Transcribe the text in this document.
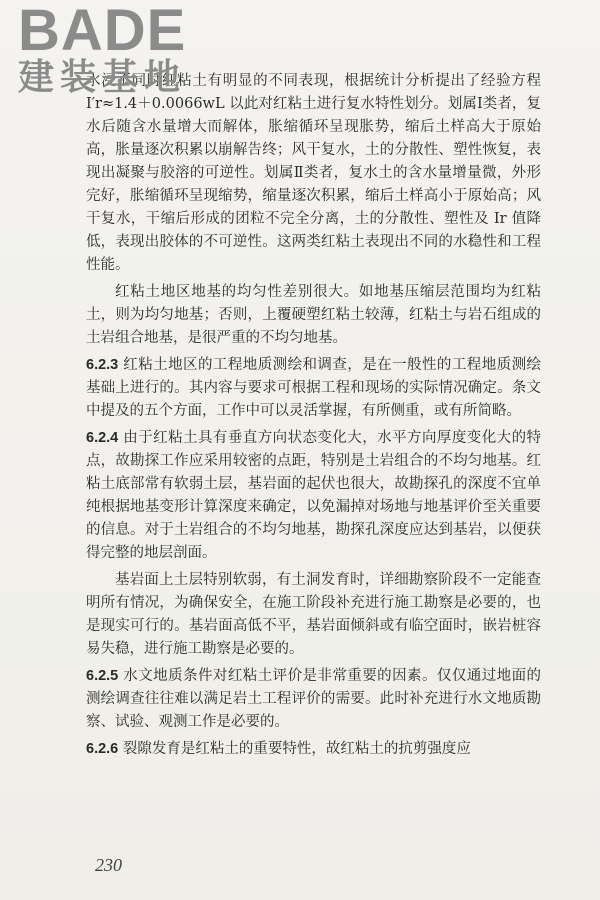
BADE
建装基地

水浸不同时红粘土有明显的不同表现，根据统计分析提出了经验方程 I′r≈1.4＋0.0066wL 以此对红粘土进行复水特性划分。划属Ⅰ类者，复水后随含水量增大而解体，胀缩循环呈现胀势，缩后土样高大于原始高，胀量逐次积累以崩解告终；风干复水，土的分散性、塑性恢复，表现出凝聚与胶溶的可逆性。划属Ⅱ类者，复水土的含水量增量微，外形完好，胀缩循环呈现缩势，缩量逐次积累，缩后土样高小于原始高；风干复水，干缩后形成的团粒不完全分离，土的分散性、塑性及 Ir 值降低，表现出胶体的不可逆性。这两类红粘土表现出不同的水稳性和工程性能。

红粘土地区地基的均匀性差别很大。如地基压缩层范围均为红粘土，则为均匀地基；否则，上覆硬塑红粘土较薄，红粘土与岩石组成的土岩组合地基，是很严重的不均匀地基。

6.2.3 红粘土地区的工程地质测绘和调查，是在一般性的工程地质测绘基础上进行的。其内容与要求可根据工程和现场的实际情况确定。条文中提及的五个方面，工作中可以灵活掌握，有所侧重，或有所简略。

6.2.4 由于红粘土具有垂直方向状态变化大，水平方向厚度变化大的特点，故勘探工作应采用较密的点距，特别是土岩组合的不均匀地基。红粘土底部常有软弱土层，基岩面的起伏也很大，故勘探孔的深度不宜单纯根据地基变形计算深度来确定，以免漏掉对场地与地基评价至关重要的信息。对于土岩组合的不均匀地基，勘探孔深度应达到基岩，以便获得完整的地层剖面。

基岩面上土层特别软弱，有土洞发育时，详细勘察阶段不一定能查明所有情况，为确保安全，在施工阶段补充进行施工勘察是必要的，也是现实可行的。基岩面高低不平，基岩面倾斜或有临空面时，嵌岩桩容易失稳，进行施工勘察是必要的。

6.2.5 水文地质条件对红粘土评价是非常重要的因素。仅仅通过地面的测绘调查往往难以满足岩土工程评价的需要。此时补充进行水文地质勘察、试验、观测工作是必要的。

6.2.6 裂隙发育是红粘土的重要特性，故红粘土的抗剪强度应

230
